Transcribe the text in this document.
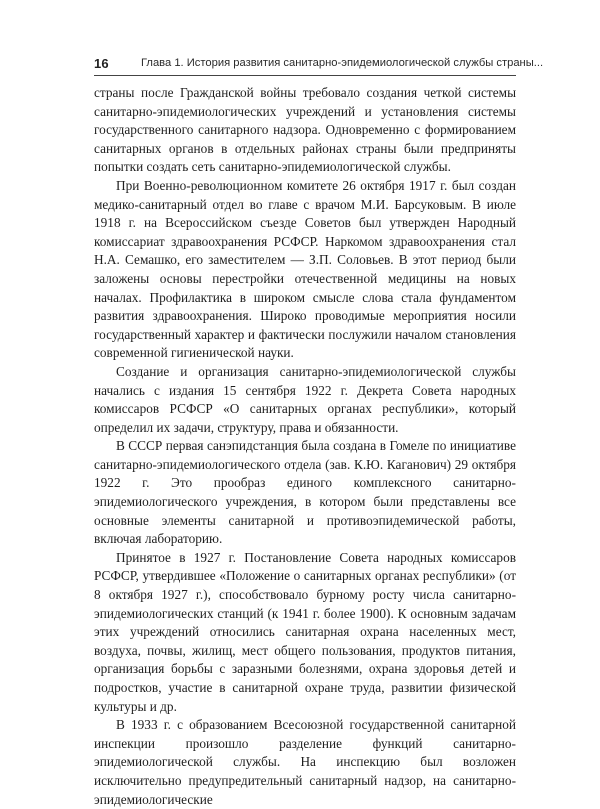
16	Глава 1. История развития санитарно-эпидемиологической службы страны...

страны после Гражданской войны требовало создания четкой системы санитарно-эпидемиологических учреждений и установления системы государственного санитарного надзора. Одновременно с формированием санитарных органов в отдельных районах страны были предприняты попытки создать сеть санитарно-эпидемиологической службы.

При Военно-революционном комитете 26 октября 1917 г. был создан медико-санитарный отдел во главе с врачом М.И. Барсуковым. В июле 1918 г. на Всероссийском съезде Советов был утвержден Народный комиссариат здравоохранения РСФСР. Наркомом здравоохранения стал Н.А. Семашко, его заместителем — З.П. Соловьев. В этот период были заложены основы перестройки отечественной медицины на новых началах. Профилактика в широком смысле слова стала фундаментом развития здравоохранения. Широко проводимые мероприятия носили государственный характер и фактически послужили началом становления современной гигиенической науки.

Создание и организация санитарно-эпидемиологической службы начались с издания 15 сентября 1922 г. Декрета Совета народных комиссаров РСФСР «О санитарных органах республики», который определил их задачи, структуру, права и обязанности.

В СССР первая санэпидстанция была создана в Гомеле по инициативе санитарно-эпидемиологического отдела (зав. К.Ю. Каганович) 29 октября 1922 г. Это прообраз единого комплексного санитарно-эпидемиологического учреждения, в котором были представлены все основные элементы санитарной и противоэпидемической работы, включая лабораторию.

Принятое в 1927 г. Постановление Совета народных комиссаров РСФСР, утвердившее «Положение о санитарных органах республики» (от 8 октября 1927 г.), способствовало бурному росту числа санитарно-эпидемиологических станций (к 1941 г. более 1900). К основным задачам этих учреждений относились санитарная охрана населенных мест, воздуха, почвы, жилищ, мест общего пользования, продуктов питания, организация борьбы с заразными болезнями, охрана здоровья детей и подростков, участие в санитарной охране труда, развитии физической культуры и др.

В 1933 г. с образованием Всесоюзной государственной санитарной инспекции произошло разделение функций санитарно-эпидемиологической службы. На инспекцию был возложен исключительно предупредительный санитарный надзор, на санитарно-эпидемиологические
